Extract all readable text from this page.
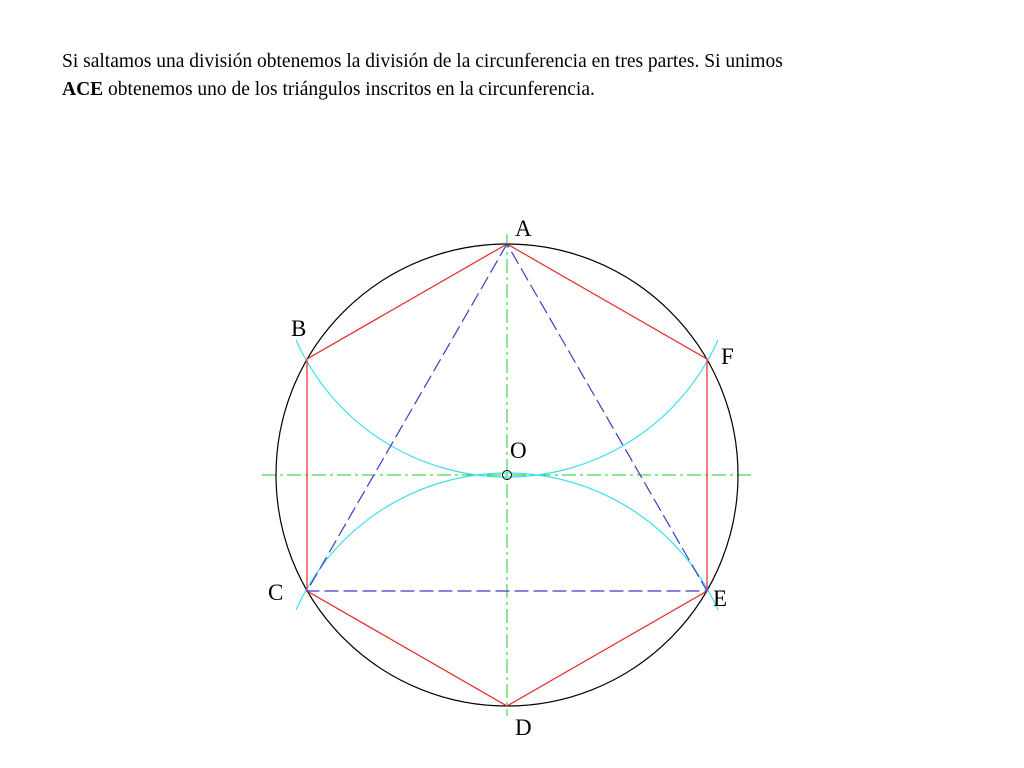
Si saltamos una división obtenemos la división de la circunferencia en tres partes. Si unimos
ACE obtenemos uno de los triángulos inscritos en la circunferencia.

A
B
F
O
C	E
D
